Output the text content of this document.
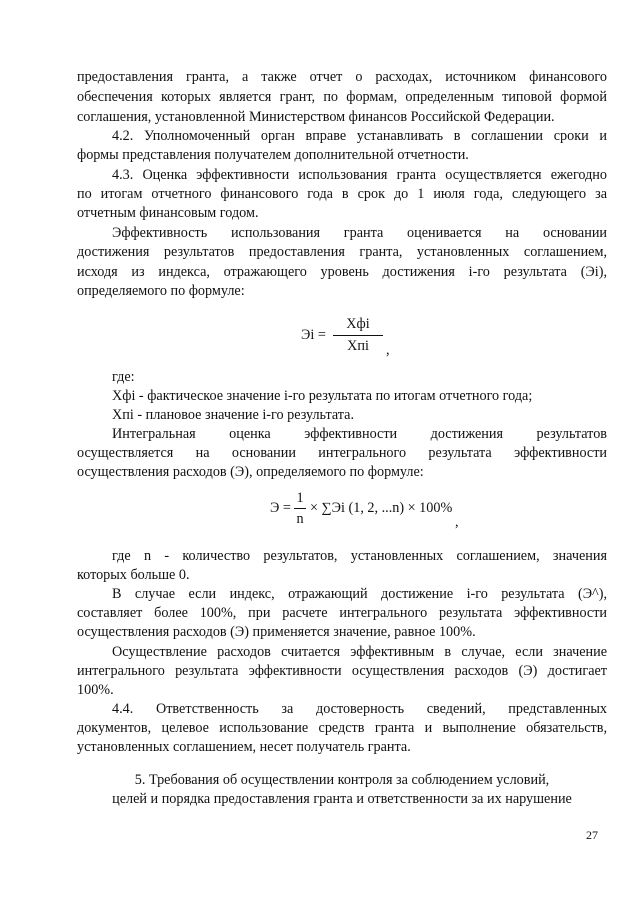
предоставления гранта, а также отчет о расходах, источником финансового
обеспечения которых является грант, по формам, определенным типовой формой
соглашения, установленной Министерством финансов Российской Федерации.
4.2. Уполномоченный орган вправе устанавливать в соглашении сроки и
формы представления получателем дополнительной отчетности.
4.3. Оценка эффективности использования гранта осуществляется ежегодно
по итогам отчетного финансового года в срок до 1 июля года, следующего за
отчетным финансовым годом.
Эффективность использования гранта оценивается на основании
достижения результатов предоставления гранта, установленных соглашением,
исходя из индекса, отражающего уровень достижения i-го результата (Эi),
определяемого по формуле:
Эi =
Хфi
Хпi	,
где:
Хфi - фактическое значение i-го результата по итогам отчетного года;
Хпi - плановое значение i-го результата.
Интегральная оценка эффективности достижения результатов
осуществляется на основании интегрального результата эффективности
осуществления расходов (Э), определяемого по формуле:
Э =
1
n
× ∑Эi (1, 2, ...n) × 100%
,
где n - количество результатов, установленных соглашением, значения
которых больше 0.
В случае если индекс, отражающий достижение i-го результата (Э^),
составляет более 100%, при расчете интегрального результата эффективности
осуществления расходов (Э) применяется значение, равное 100%.
Осуществление расходов считается эффективным в случае, если значение
интегрального результата эффективности осуществления расходов (Э) достигает
100%.
4.4. Ответственность за достоверность сведений, представленных
документов, целевое использование средств гранта и выполнение обязательств,
установленных соглашением, несет получатель гранта.
5. Требования об осуществлении контроля за соблюдением условий,
целей и порядка предоставления гранта и ответственности за их нарушение
27
